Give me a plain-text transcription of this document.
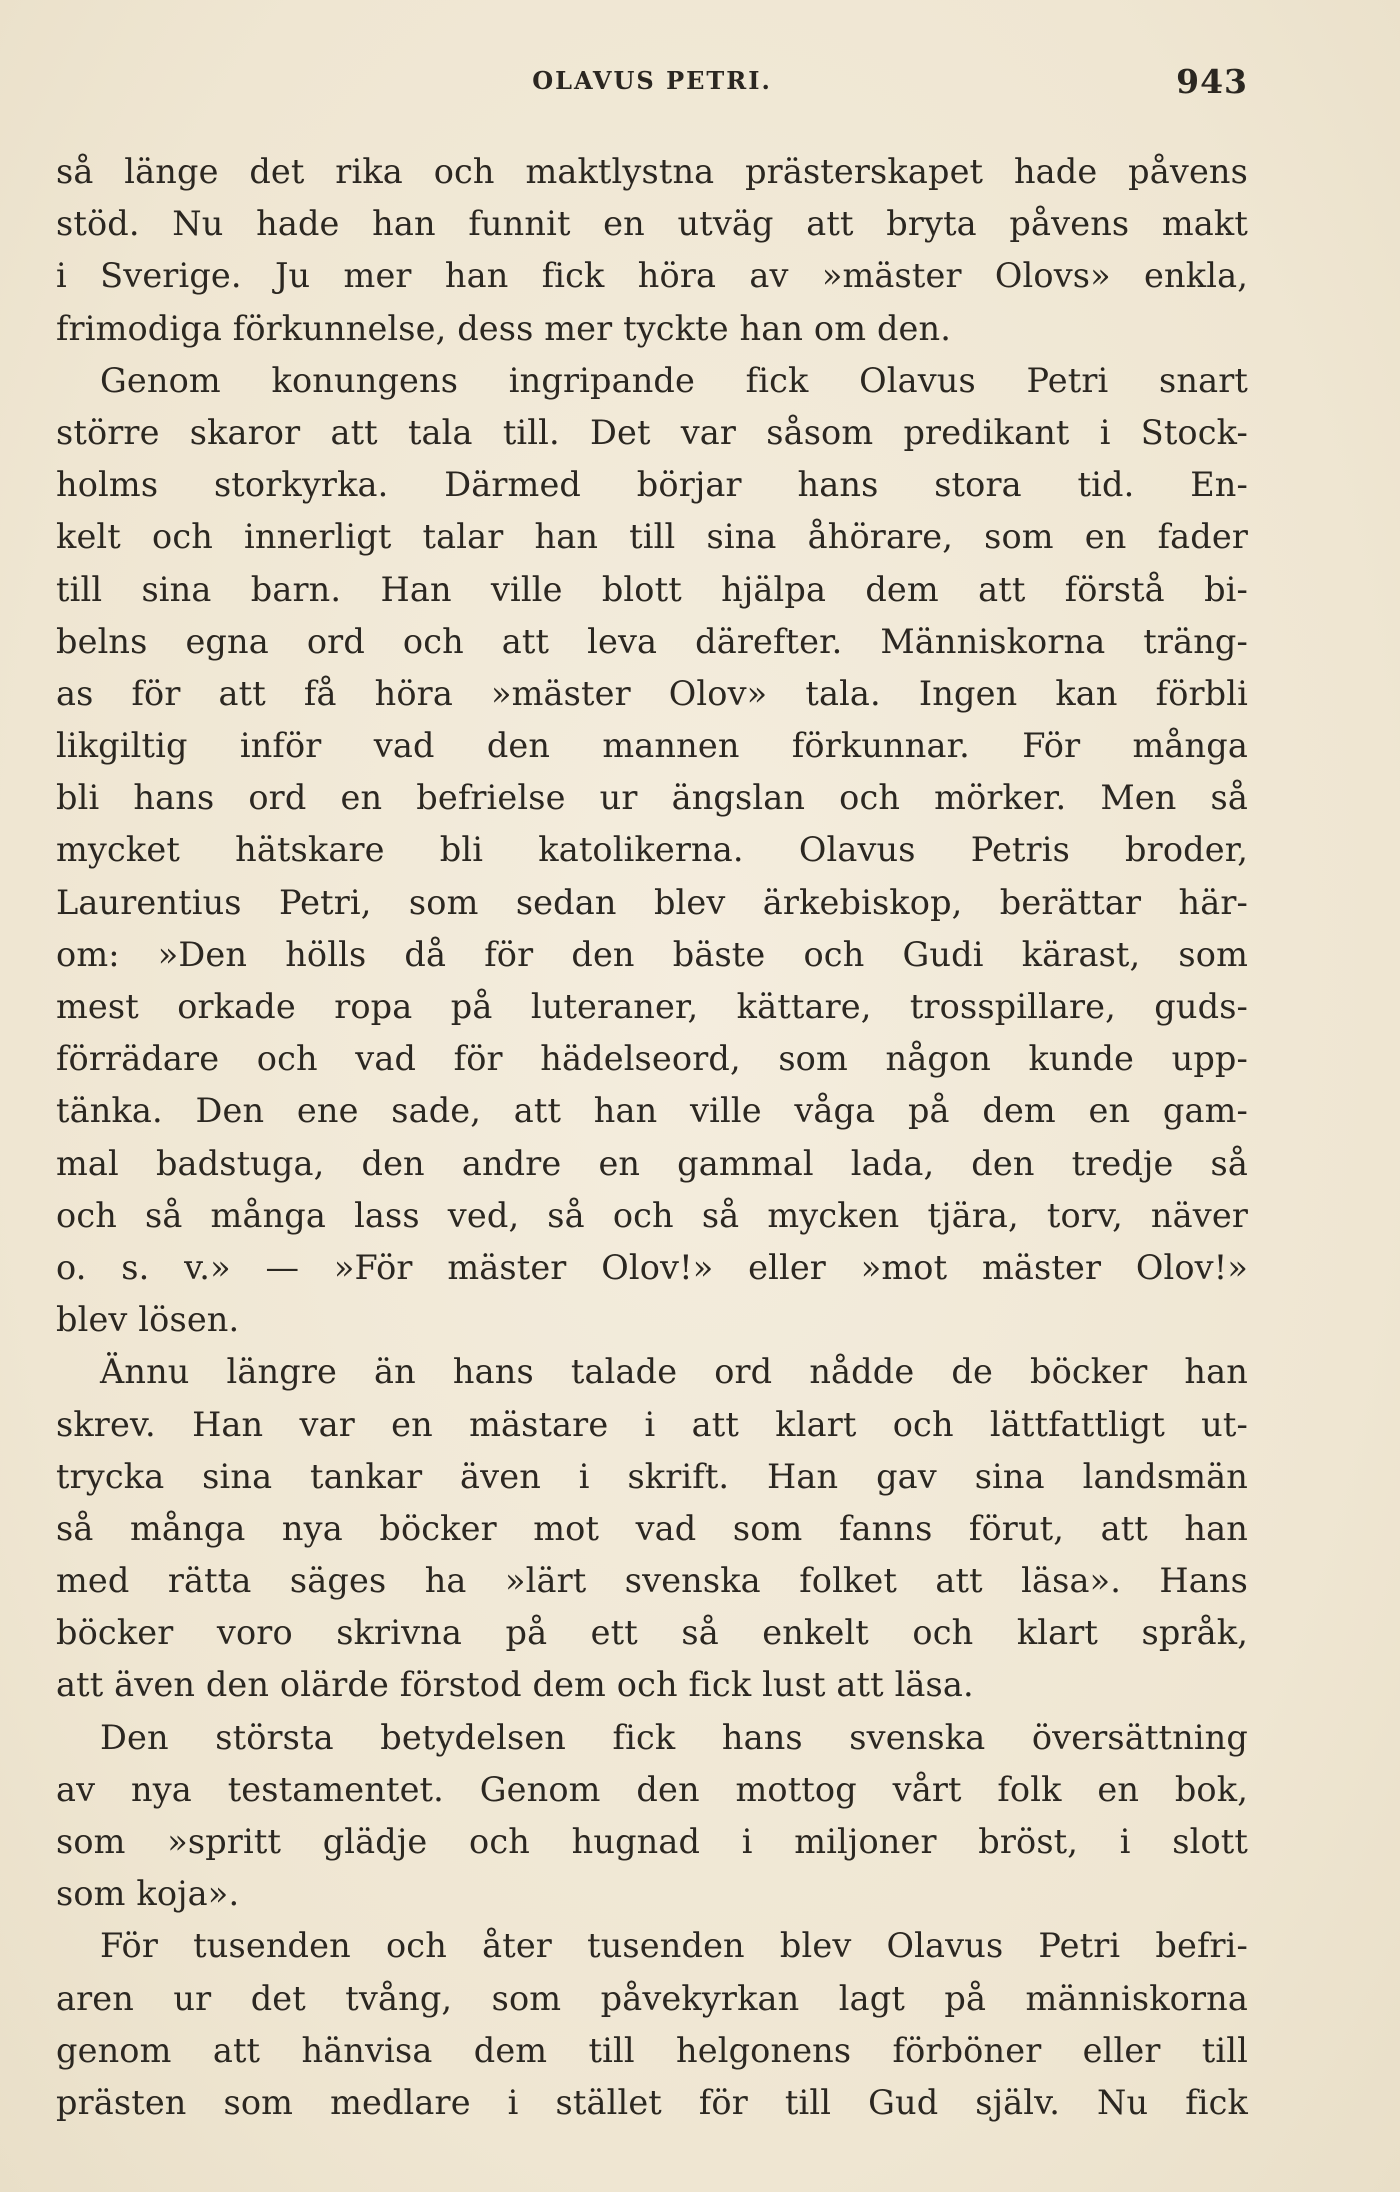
OLAVUS PETRI.	943
så länge det rika och maktlystna prästerskapet hade påvens
stöd. Nu hade han funnit en utväg att bryta påvens makt
i Sverige. Ju mer han fick höra av »mäster Olovs» enkla,
frimodiga förkunnelse, dess mer tyckte han om den.
Genom konungens ingripande fick Olavus Petri snart
större skaror att tala till. Det var såsom predikant i Stock-
holms storkyrka. Därmed börjar hans stora tid. En-
kelt och innerligt talar han till sina åhörare, som en fader
till sina barn. Han ville blott hjälpa dem att förstå bi-
belns egna ord och att leva därefter. Människorna träng-
as för att få höra »mäster Olov» tala. Ingen kan förbli
likgiltig inför vad den mannen förkunnar. För många
bli hans ord en befrielse ur ängslan och mörker. Men så
mycket hätskare bli katolikerna. Olavus Petris broder,
Laurentius Petri, som sedan blev ärkebiskop, berättar här-
om: »Den hölls då för den bäste och Gudi kärast, som
mest orkade ropa på luteraner, kättare, trosspillare, guds-
förrädare och vad för hädelseord, som någon kunde upp-
tänka. Den ene sade, att han ville våga på dem en gam-
mal badstuga, den andre en gammal lada, den tredje så
och så många lass ved, så och så mycken tjära, torv, näver
o. s. v.» — »För mäster Olov!» eller »mot mäster Olov!»
blev lösen.
Ännu längre än hans talade ord nådde de böcker han
skrev. Han var en mästare i att klart och lättfattligt ut-
trycka sina tankar även i skrift. Han gav sina landsmän
så många nya böcker mot vad som fanns förut, att han
med rätta säges ha »lärt svenska folket att läsa». Hans
böcker voro skrivna på ett så enkelt och klart språk,
att även den olärde förstod dem och fick lust att läsa.
Den största betydelsen fick hans svenska översättning
av nya testamentet. Genom den mottog vårt folk en bok,
som »spritt glädje och hugnad i miljoner bröst, i slott
som koja».
För tusenden och åter tusenden blev Olavus Petri befri-
aren ur det tvång, som påvekyrkan lagt på människorna
genom att hänvisa dem till helgonens förböner eller till
prästen som medlare i stället för till Gud själv. Nu fick
